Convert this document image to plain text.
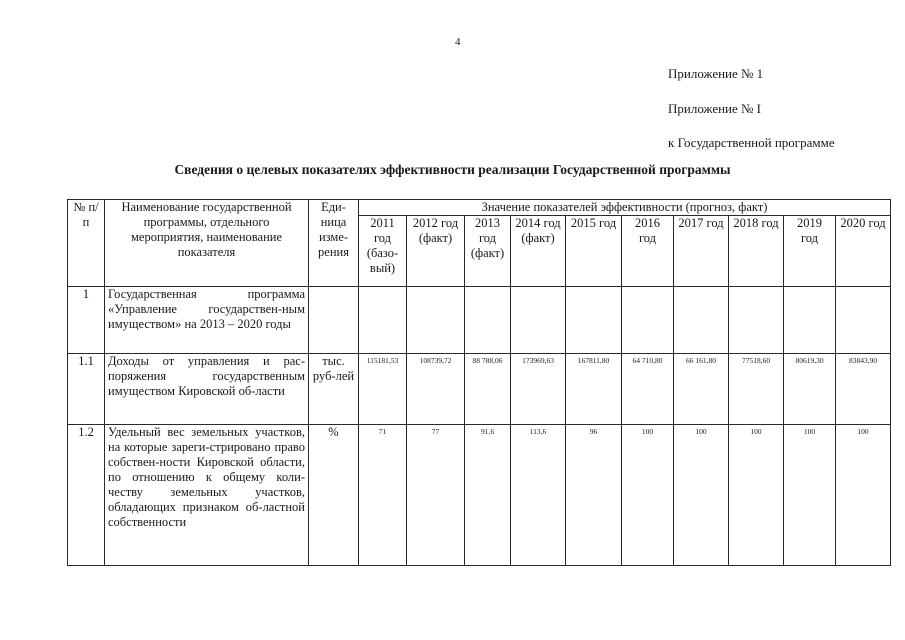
4
Приложение № 1
Приложение № I
к Государственной программе
Сведения о целевых показателях эффективности реализации Государственной программы
№ п/п	Наименование государственной программы, отдельного мероприятия, наименование показателя	Еди-ница изме-рения	Значение показателей эффективности (прогноз, факт)									
			2011 год (базо-вый)	2012 год (факт)	2013 год (факт)	2014 год (факт)	2015 год	2016 год	2017 год	2018 год	2019 год	2020 год
1	Государственная программа «Управление государствен-ным имуществом» на 2013 – 2020 годы											
1.1	Доходы от управления и рас-поряжения государственным имуществом Кировской об-ласти	тыс. руб-лей	115181,53	108739,72	88 788,06	173969,63	167811,80	64 710,80	66 161,80	77518,60	80619,30	83843,90
1.2	Удельный вес земельных участков, на которые зареги-стрировано право собствен-ности Кировской области, по отношению к общему коли-честву земельных участков, обладающих признаком об-ластной собственности	%	71	77	91,6	113,6	96	100	100	100	100	100
